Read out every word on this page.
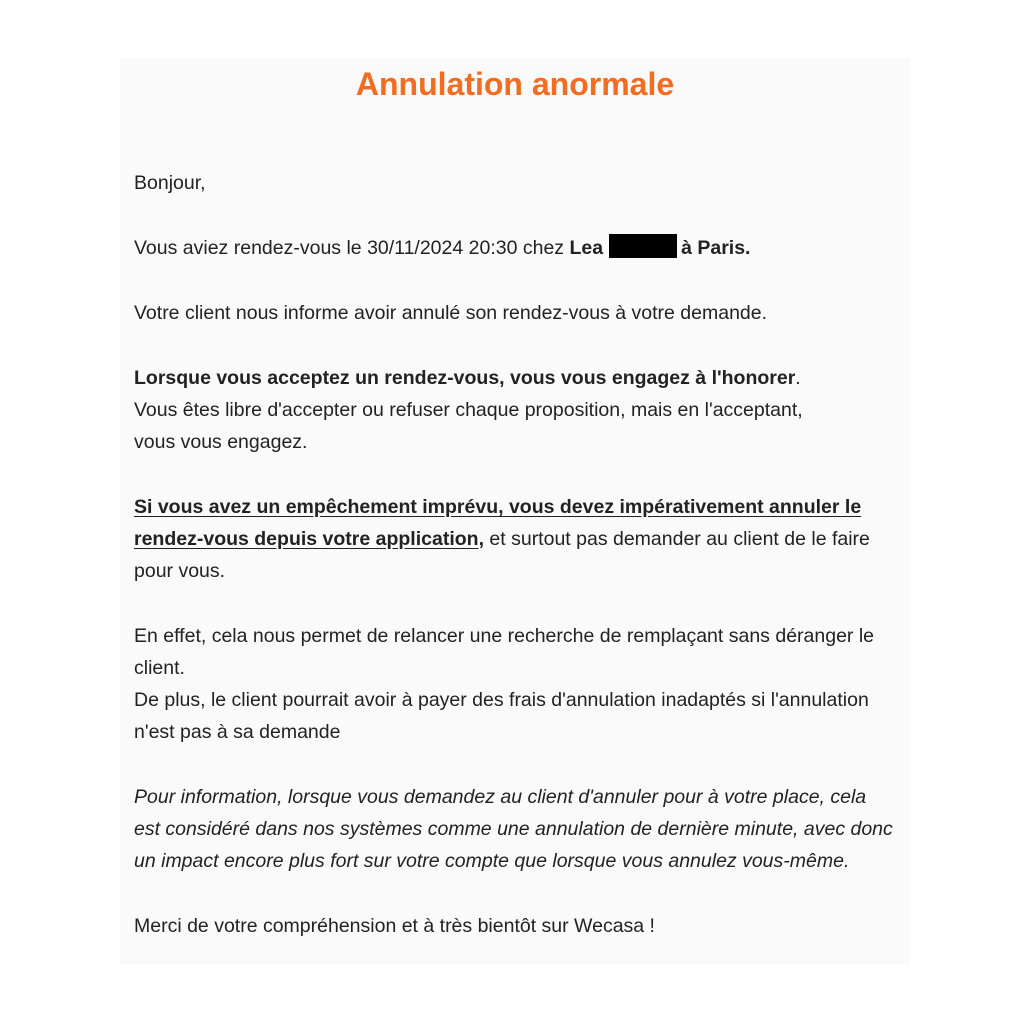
Annulation anormale

Bonjour,

Vous aviez rendez-vous le 30/11/2024 20:30 chez Lea	à Paris.

Votre client nous informe avoir annulé son rendez-vous à votre demande.

Lorsque vous acceptez un rendez-vous, vous vous engagez à l'honorer.
Vous êtes libre d'accepter ou refuser chaque proposition, mais en l'acceptant,
vous vous engagez.

Si vous avez un empêchement imprévu, vous devez impérativement annuler le rendez-vous depuis votre application, et surtout pas demander au client de le faire pour vous.

En effet, cela nous permet de relancer une recherche de remplaçant sans déranger le client.
De plus, le client pourrait avoir à payer des frais d'annulation inadaptés si l'annulation n'est pas à sa demande

Pour information, lorsque vous demandez au client d'annuler pour à votre place, cela est considéré dans nos systèmes comme une annulation de dernière minute, avec donc un impact encore plus fort sur votre compte que lorsque vous annulez vous-même.

Merci de votre compréhension et à très bientôt sur Wecasa !
